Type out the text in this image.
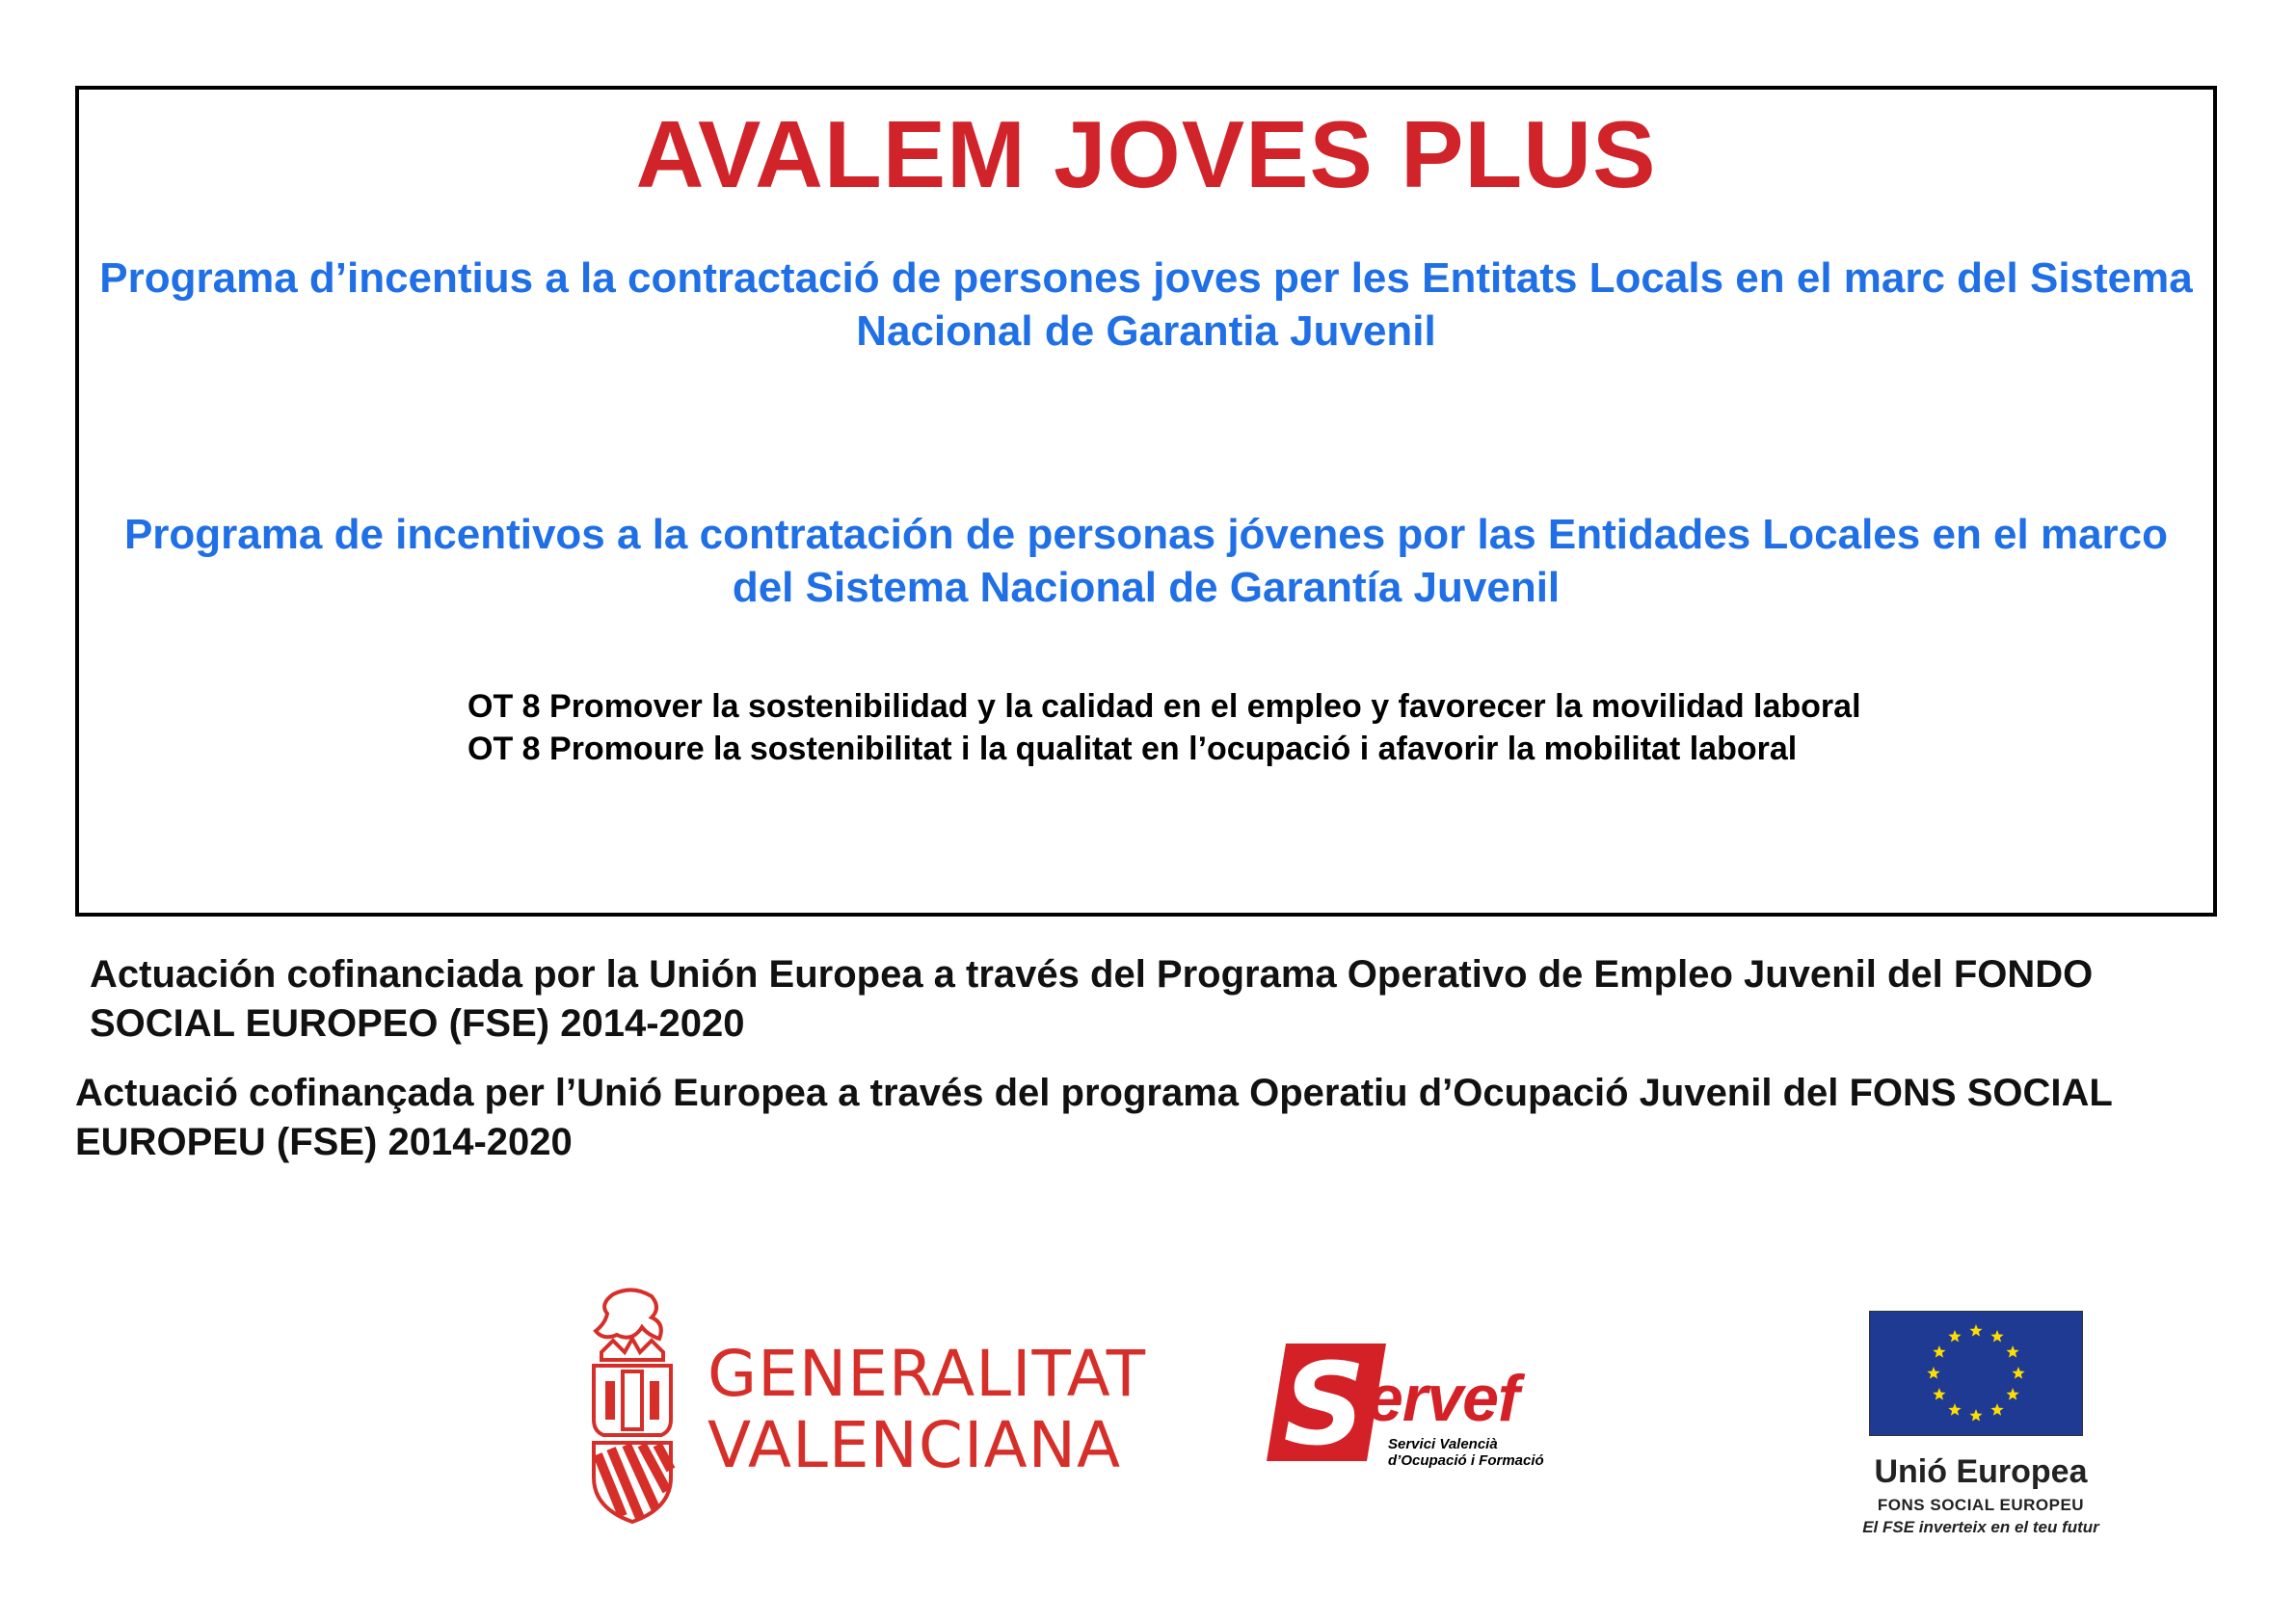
AVALEM JOVES PLUS

Programa d’incentius a la contractació de persones joves per les Entitats Locals en el marc del Sistema Nacional de Garantia Juvenil

Programa de incentivos a la contratación de personas jóvenes por las Entidades Locales en el marco del Sistema Nacional de Garantía Juvenil

OT 8 Promover la sostenibilidad y la calidad en el empleo y favorecer la movilidad laboral
OT 8 Promoure la sostenibilitat i la qualitat en l’ocupació i afavorir la mobilitat laboral

Actuación cofinanciada por la Unión Europea a través del Programa Operativo de Empleo Juvenil del FONDO SOCIAL EUROPEO (FSE) 2014-2020

Actuació cofinançada per l’Unió Europea a través del programa Operatiu d’Ocupació Juvenil del FONS SOCIAL EUROPEU (FSE) 2014-2020

GENERALITAT
VALENCIANA S ervef
Servici Valencià
d’Ocupació i Formació	Unió Europea
FONS SOCIAL EUROPEU
El FSE inverteix en el teu futur
